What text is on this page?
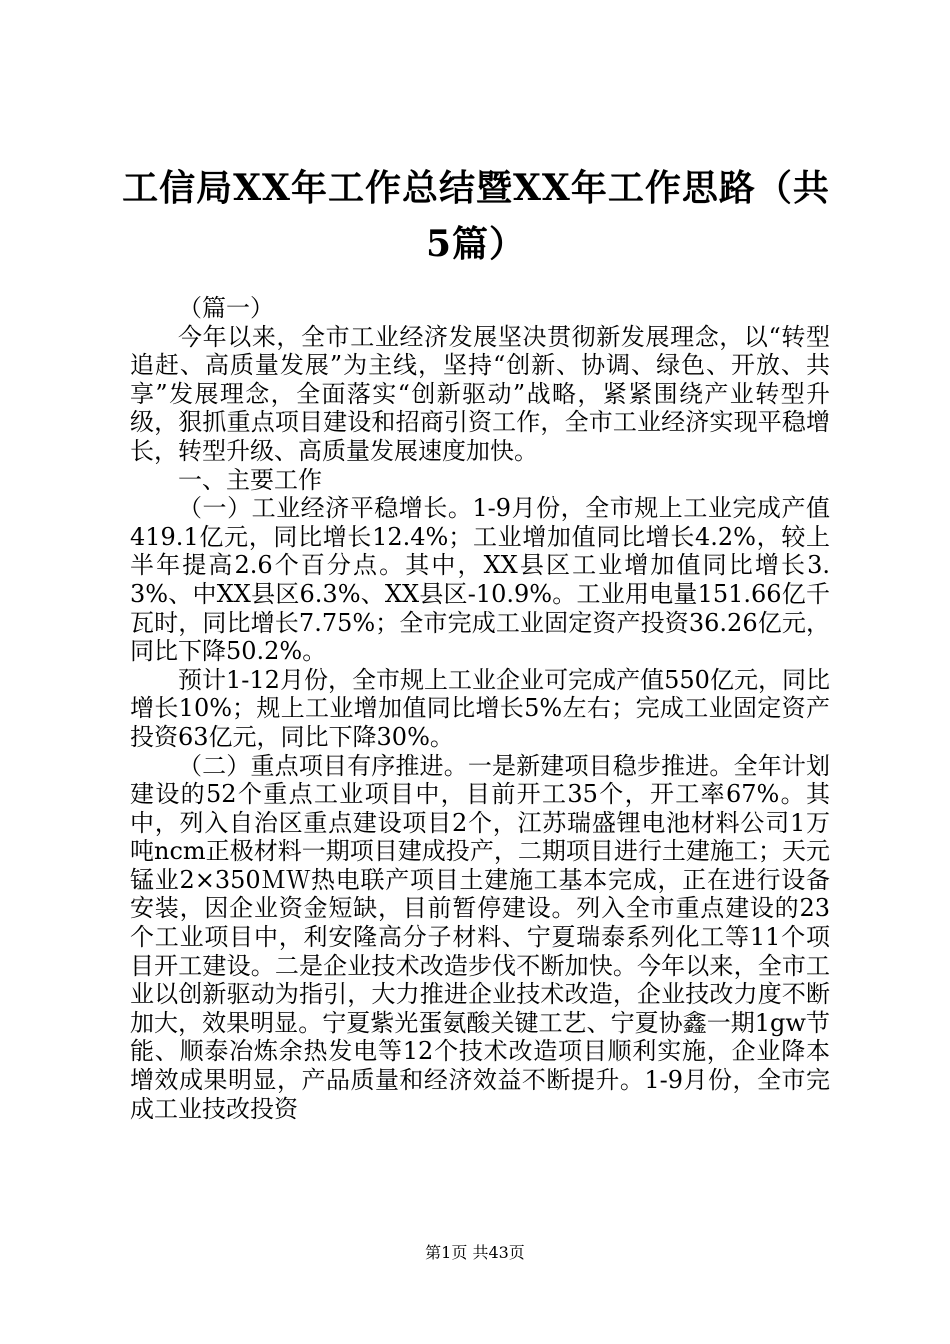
工信局XX年工作总结暨XX年工作思路（共5篇）

（篇一）

今年以来，全市工业经济发展坚决贯彻新发展理念，以“转型追赶、高质量发展”为主线，坚持“创新、协调、绿色、开放、共享”发展理念，全面落实“创新驱动”战略，紧紧围绕产业转型升级，狠抓重点项目建设和招商引资工作，全市工业经济实现平稳增长，转型升级、高质量发展速度加快。

一、主要工作

（一）工业经济平稳增长。1-9月份，全市规上工业完成产值419.1亿元，同比增长12.4%；工业增加值同比增长4.2%，较上半年提高2.6个百分点。其中，XX县区工业增加值同比增长3.3%、中XX县区6.3%、XX县区-10.9%。工业用电量151.66亿千瓦时，同比增长7.75%；全市完成工业固定资产投资36.26亿元，同比下降50.2%。

预计1-12月份，全市规上工业企业可完成产值550亿元，同比增长10%；规上工业增加值同比增长5%左右；完成工业固定资产投资63亿元，同比下降30%。

（二）重点项目有序推进。一是新建项目稳步推进。全年计划建设的52个重点工业项目中，目前开工35个，开工率67%。其中，列入自治区重点建设项目2个，江苏瑞盛锂电池材料公司1万吨ncm正极材料一期项目建成投产，二期项目进行土建施工；天元锰业2×350ＭＷ热电联产项目土建施工基本完成，正在进行设备安装，因企业资金短缺，目前暂停建设。列入全市重点建设的23个工业项目中，利安隆高分子材料、宁夏瑞泰系列化工等11个项目开工建设。二是企业技术改造步伐不断加快。今年以来，全市工业以创新驱动为指引，大力推进企业技术改造，企业技改力度不断加大，效果明显。宁夏紫光蛋氨酸关键工艺、宁夏协鑫一期1gw节能、顺泰冶炼余热发电等12个技术改造项目顺利实施，企业降本增效成果明显，产品质量和经济效益不断提升。1-9月份，全市完成工业技改投资

第1页 共43页
